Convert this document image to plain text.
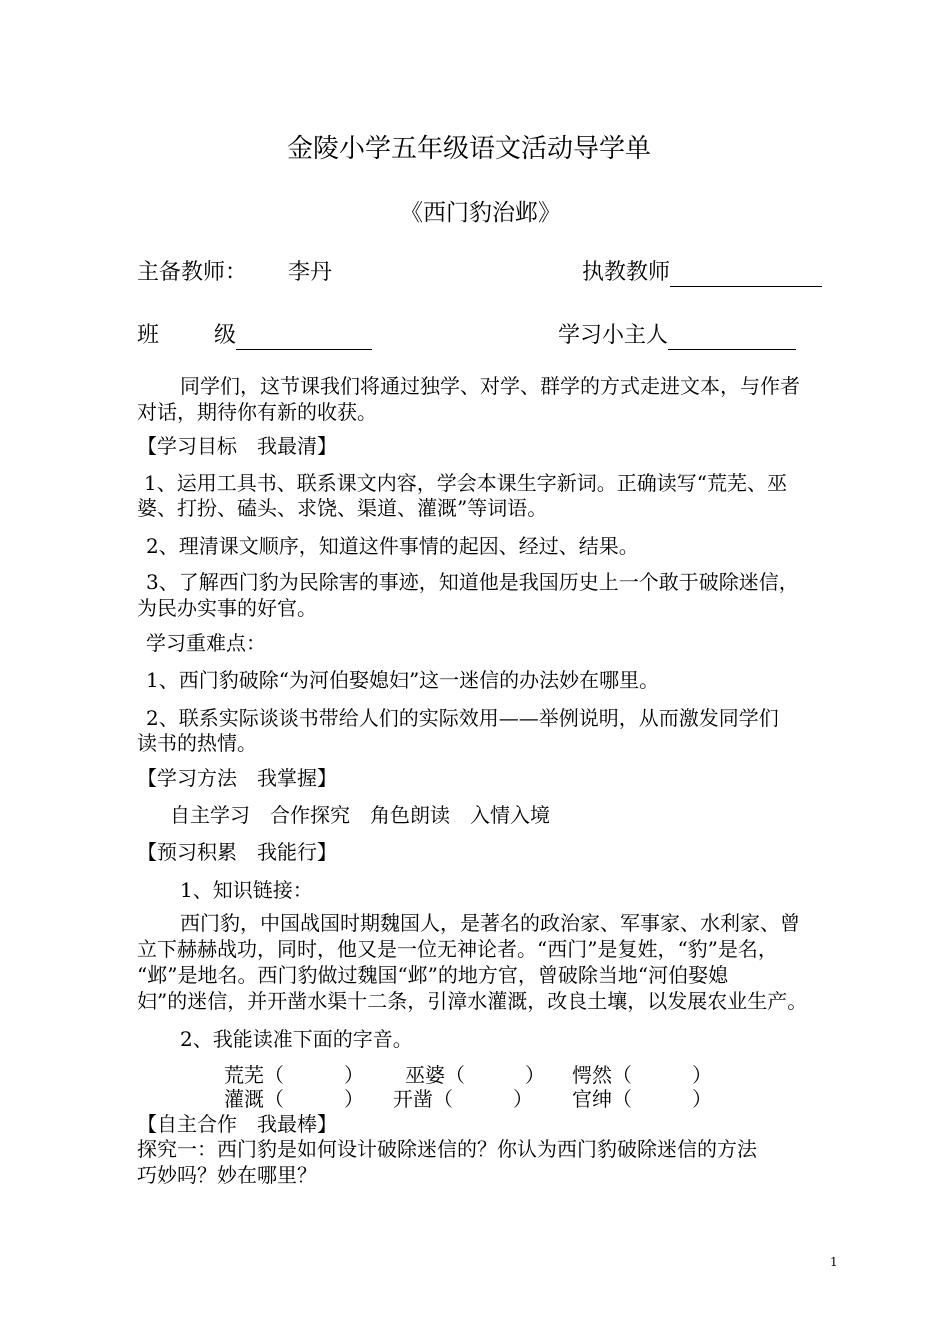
金陵小学五年级语文活动导学单
《西门豹治邺》
主备教师： 李丹	执教教师
班 级	学习小主人
同学们，这节课我们将通过独学、对学、群学的方式走进文本，与作者
对话，期待你有新的收获。
【学习目标　我最清】
1、运用工具书、联系课文内容，学会本课生字新词。正确读写“荒芜、巫
婆、打扮、磕头、求饶、渠道、灌溉”等词语。
2、理清课文顺序，知道这件事情的起因、经过、结果。
3、了解西门豹为民除害的事迹，知道他是我国历史上一个敢于破除迷信，
为民办实事的好官。
学习重难点：
1、西门豹破除“为河伯娶媳妇”这一迷信的办法妙在哪里。
2、联系实际谈谈书带给人们的实际效用——举例说明，从而激发同学们
读书的热情。
【学习方法　我掌握】
自主学习　合作探究　角色朗读　入情入境
【预习积累　我能行】
1、知识链接：
西门豹，中国战国时期魏国人，是著名的政治家、军事家、水利家、曾
立下赫赫战功，同时，他又是一位无神论者。“西门”是复姓，“豹”是名，
“邺”是地名。西门豹做过魏国“邺”的地方官，曾破除当地“河伯娶媳
妇”的迷信，并开凿水渠十二条，引漳水灌溉，改良土壤，以发展农业生产。
2、我能读准下面的字音。
荒芜（　　　） 巫婆（　　　） 愕然（　　　）
灌溉（　　　） 开凿（　　　） 官绅（　　　）
【自主合作　我最棒】
探究一：西门豹是如何设计破除迷信的？你认为西门豹破除迷信的方法
巧妙吗？妙在哪里？
1
